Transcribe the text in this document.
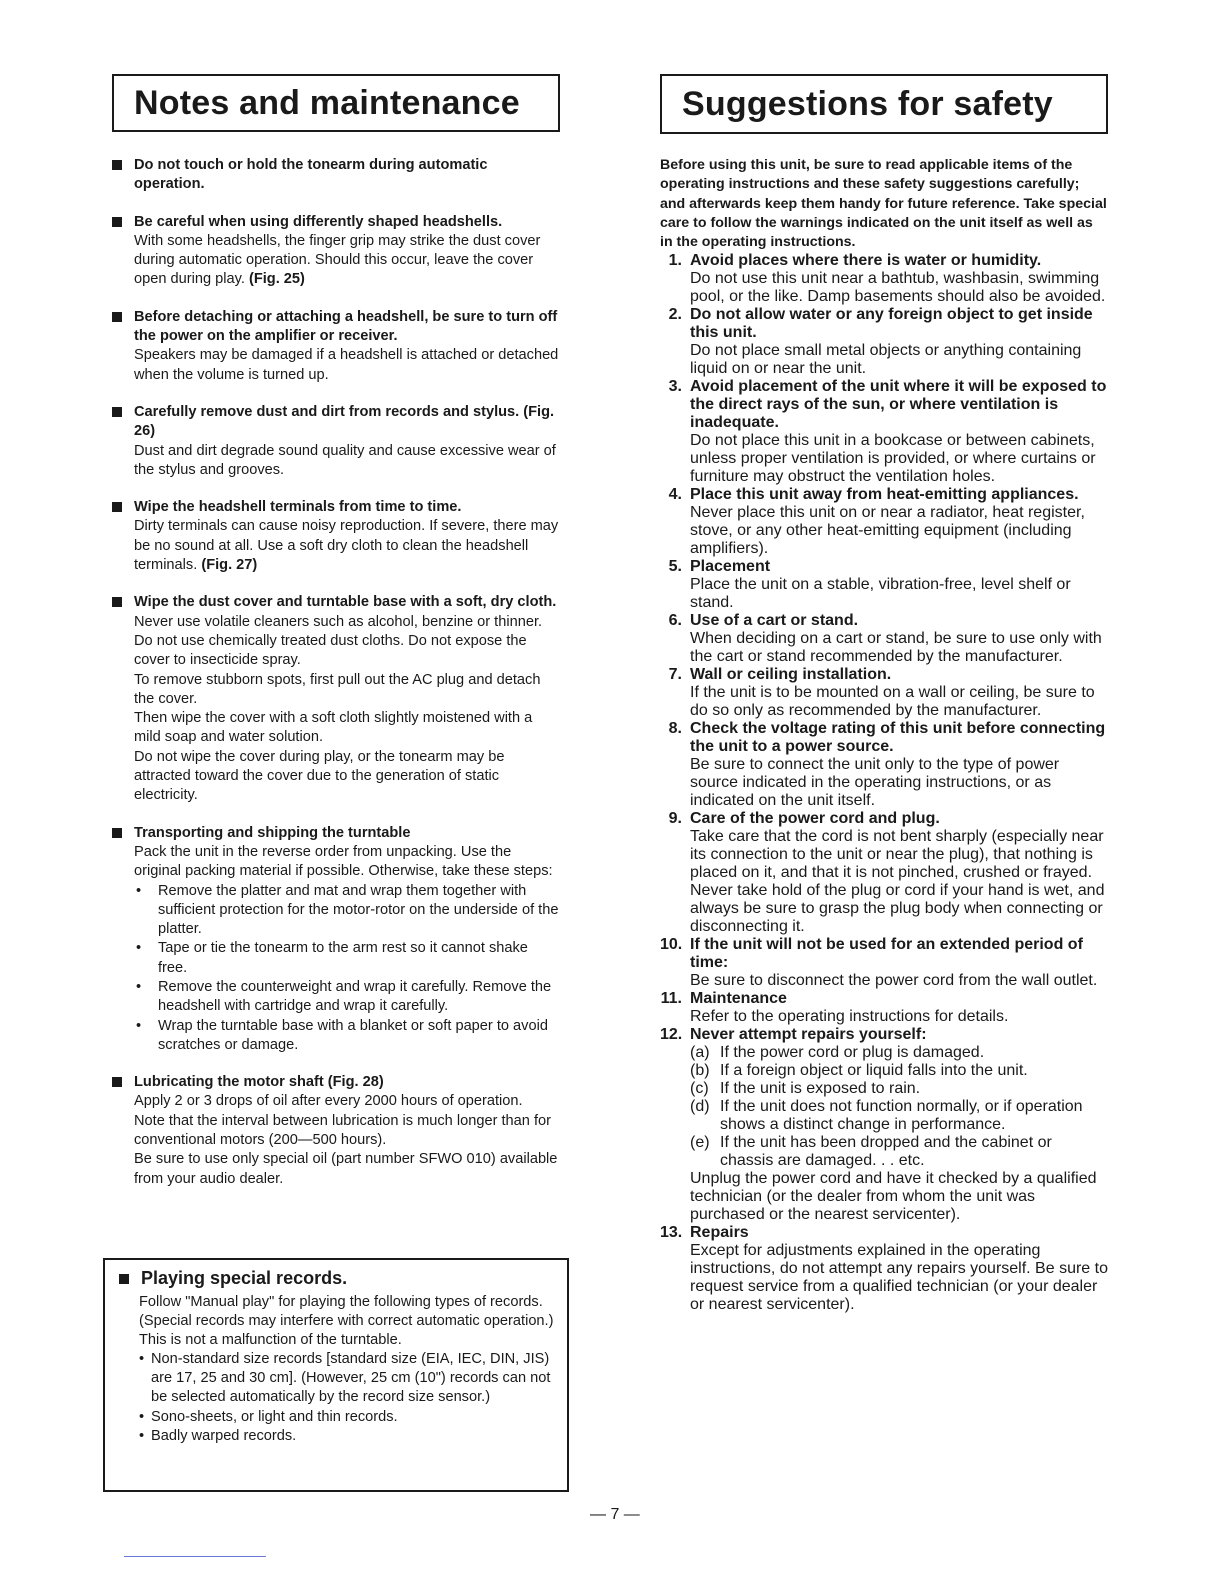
Notes and maintenance
Do not touch or hold the tonearm during automatic operation.
Be careful when using differently shaped headshells.
With some headshells, the finger grip may strike the dust cover during automatic operation. Should this occur, leave the cover open during play. (Fig. 25)
Before detaching or attaching a headshell, be sure to turn off the power on the amplifier or receiver.
Speakers may be damaged if a headshell is attached or detached when the volume is turned up.
Carefully remove dust and dirt from records and stylus. (Fig. 26)
Dust and dirt degrade sound quality and cause excessive wear of the stylus and grooves.
Wipe the headshell terminals from time to time.
Dirty terminals can cause noisy reproduction. If severe, there may be no sound at all. Use a soft dry cloth to clean the headshell terminals. (Fig. 27)
Wipe the dust cover and turntable base with a soft, dry cloth.
Never use volatile cleaners such as alcohol, benzine or thinner.
Do not use chemically treated dust cloths. Do not expose the cover to insecticide spray.
To remove stubborn spots, first pull out the AC plug and detach the cover.
Then wipe the cover with a soft cloth slightly moistened with a mild soap and water solution.
Do not wipe the cover during play, or the tonearm may be attracted toward the cover due to the generation of static electricity.
Transporting and shipping the turntable
Pack the unit in the reverse order from unpacking. Use the original packing material if possible. Otherwise, take these steps:
• Remove the platter and mat and wrap them together with sufficient protection for the motor-rotor on the underside of the platter.
• Tape or tie the tonearm to the arm rest so it cannot shake free.
• Remove the counterweight and wrap it carefully. Remove the headshell with cartridge and wrap it carefully.
• Wrap the turntable base with a blanket or soft paper to avoid scratches or damage.
Lubricating the motor shaft (Fig. 28)
Apply 2 or 3 drops of oil after every 2000 hours of operation.
Note that the interval between lubrication is much longer than for conventional motors (200—500 hours).
Be sure to use only special oil (part number SFWO 010) available from your audio dealer.
Playing special records.
Follow "Manual play" for playing the following types of records. (Special records may interfere with correct automatic operation.)
This is not a malfunction of the turntable.
• Non-standard size records [standard size (EIA, IEC, DIN, JIS) are 17, 25 and 30 cm]. (However, 25 cm (10") records can not be selected automatically by the record size sensor.)
• Sono-sheets, or light and thin records.
• Badly warped records.
Suggestions for safety
Before using this unit, be sure to read applicable items of the operating instructions and these safety suggestions carefully; and afterwards keep them handy for future reference. Take special care to follow the warnings indicated on the unit itself as well as in the operating instructions.
1. Avoid places where there is water or humidity.
Do not use this unit near a bathtub, washbasin, swimming pool, or the like. Damp basements should also be avoided.
2. Do not allow water or any foreign object to get inside this unit.
Do not place small metal objects or anything containing liquid on or near the unit.
3. Avoid placement of the unit where it will be exposed to the direct rays of the sun, or where ventilation is inadequate.
Do not place this unit in a bookcase or between cabinets, unless proper ventilation is provided, or where curtains or furniture may obstruct the ventilation holes.
4. Place this unit away from heat-emitting appliances.
Never place this unit on or near a radiator, heat register, stove, or any other heat-emitting equipment (including amplifiers).
5. Placement
Place the unit on a stable, vibration-free, level shelf or stand.
6. Use of a cart or stand.
When deciding on a cart or stand, be sure to use only with the cart or stand recommended by the manufacturer.
7. Wall or ceiling installation.
If the unit is to be mounted on a wall or ceiling, be sure to do so only as recommended by the manufacturer.
8. Check the voltage rating of this unit before connecting the unit to a power source.
Be sure to connect the unit only to the type of power source indicated in the operating instructions, or as indicated on the unit itself.
9. Care of the power cord and plug.
Take care that the cord is not bent sharply (especially near its connection to the unit or near the plug), that nothing is placed on it, and that it is not pinched, crushed or frayed. Never take hold of the plug or cord if your hand is wet, and always be sure to grasp the plug body when connecting or disconnecting it.
10. If the unit will not be used for an extended period of time:
Be sure to disconnect the power cord from the wall outlet.
11. Maintenance
Refer to the operating instructions for details.
12. Never attempt repairs yourself:
(a) If the power cord or plug is damaged.
(b) If a foreign object or liquid falls into the unit.
(c) If the unit is exposed to rain.
(d) If the unit does not function normally, or if operation shows a distinct change in performance.
(e) If the unit has been dropped and the cabinet or chassis are damaged. . . etc.
Unplug the power cord and have it checked by a qualified technician (or the dealer from whom the unit was purchased or the nearest servicenter).
13. Repairs
Except for adjustments explained in the operating instructions, do not attempt any repairs yourself. Be sure to request service from a qualified technician (or your dealer or nearest servicenter).
— 7 —
